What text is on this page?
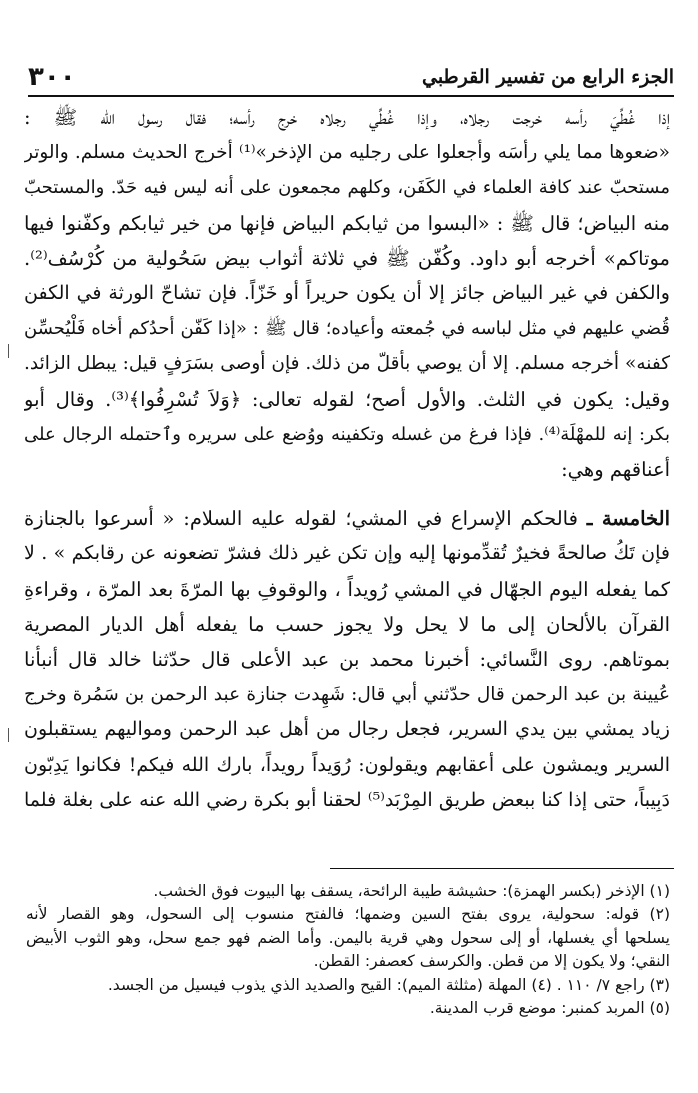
الجزء الرابع من تفسير القرطبي
٣٠٠
إذا غُطِّيَ رأسه خرجت رجلاه، وإذا غُطِّي رجلاه خرج رأسه؛ فقال رسول الله ﷺ :
«ضعوها مما يلي رأسَه وأجعلوا على رجليه من الإذخر»⁽¹⁾ أخرج الحديث مسلم. والوتر
مستحبّ عند كافة العلماء في الكَفَن، وكلهم مجمعون على أنه ليس فيه حَدّ. والمستحبّ
منه البياض؛ قال ﷺ : «البسوا من ثيابكم البياض فإنها من خير ثيابكم وكفّنوا فيها
موتاكم» أخرجه أبو داود. وكُفّن ﷺ في ثلاثة أثواب بيض سَحُولية من كُرْسُف⁽²⁾.
والكفن في غير البياض جائز إلا أن يكون حريراً أو خَزّاً. فإن تشاحّ الورثة في الكفن
قُضي عليهم في مثل لباسه في جُمعته وأعياده؛ قال ﷺ : «إذا كَفّن أحدُكم أخاه فَلْيُحسِّن
كفنه» أخرجه مسلم. إلا أن يوصي بأقلّ من ذلك. فإن أوصى بسَرَفٍ قيل: يبطل الزائد.
وقيل: يكون في الثلث. والأول أصح؛ لقوله تعالى: ﴿وَلاَ تُسْرِفُوا﴾⁽³⁾. وقال أبو
بكر: إنه للمهْلَة⁽⁴⁾. فإذا فرغ من غسله وتكفينه ووُضع على سريره وٱحتمله الرجال على
أعناقهم وهي:
الخامسة ـ فالحكم الإسراع في المشي؛ لقوله عليه السلام: « أسرعوا بالجنازة
فإن تَكُ صالحةً فخيرٌ تُقدِّمونها إليه وإن تكن غير ذلك فشرّ تضعونه عن رقابكم » . لا
كما يفعله اليوم الجهّال في المشي رُويداً ، والوقوفِ بها المرّةَ بعد المرّة ، وقراءةِ
القرآن بالألحان إلى ما لا يحل ولا يجوز حسب ما يفعله أهل الديار المصرية
بموتاهم. روى النَّسائي: أخبرنا محمد بن عبد الأعلى قال حدّثنا خالد قال أنبأنا
عُيينة بن عبد الرحمن قال حدّثني أبي قال: شَهِدت جنازة عبد الرحمن بن سَمُرة وخرج
زياد يمشي بين يدي السرير، فجعل رجال من أهل عبد الرحمن ومواليهم يستقبلون
السرير ويمشون على أعقابهم ويقولون: رُوَيداً رويداً، بارك الله فيكم! فكانوا يَدِبّون
دَبِيباً، حتى إذا كنا ببعض طريق المِرْبَد⁽⁵⁾ لحقنا أبو بكرة رضي الله عنه على بغلة فلما
(١) الإذخر (بكسر الهمزة): حشيشة طيبة الرائحة، يسقف بها البيوت فوق الخشب.
(٢) قوله: سحولية، يروى بفتح السين وضمها؛ فالفتح منسوب إلى السحول، وهو القصار لأنه
يسلحها أي يغسلها، أو إلى سحول وهي قرية باليمن. وأما الضم فهو جمع سحل، وهو الثوب الأبيض
النقي؛ ولا يكون إلا من قطن. والكرسف كعصفر: القطن.
(٣) راجع ٧/ ١١٠ . (٤) المهلة (مثلثة الميم): القيح والصديد الذي يذوب فيسيل من الجسد.
(٥) المربد كمنبر: موضع قرب المدينة.
